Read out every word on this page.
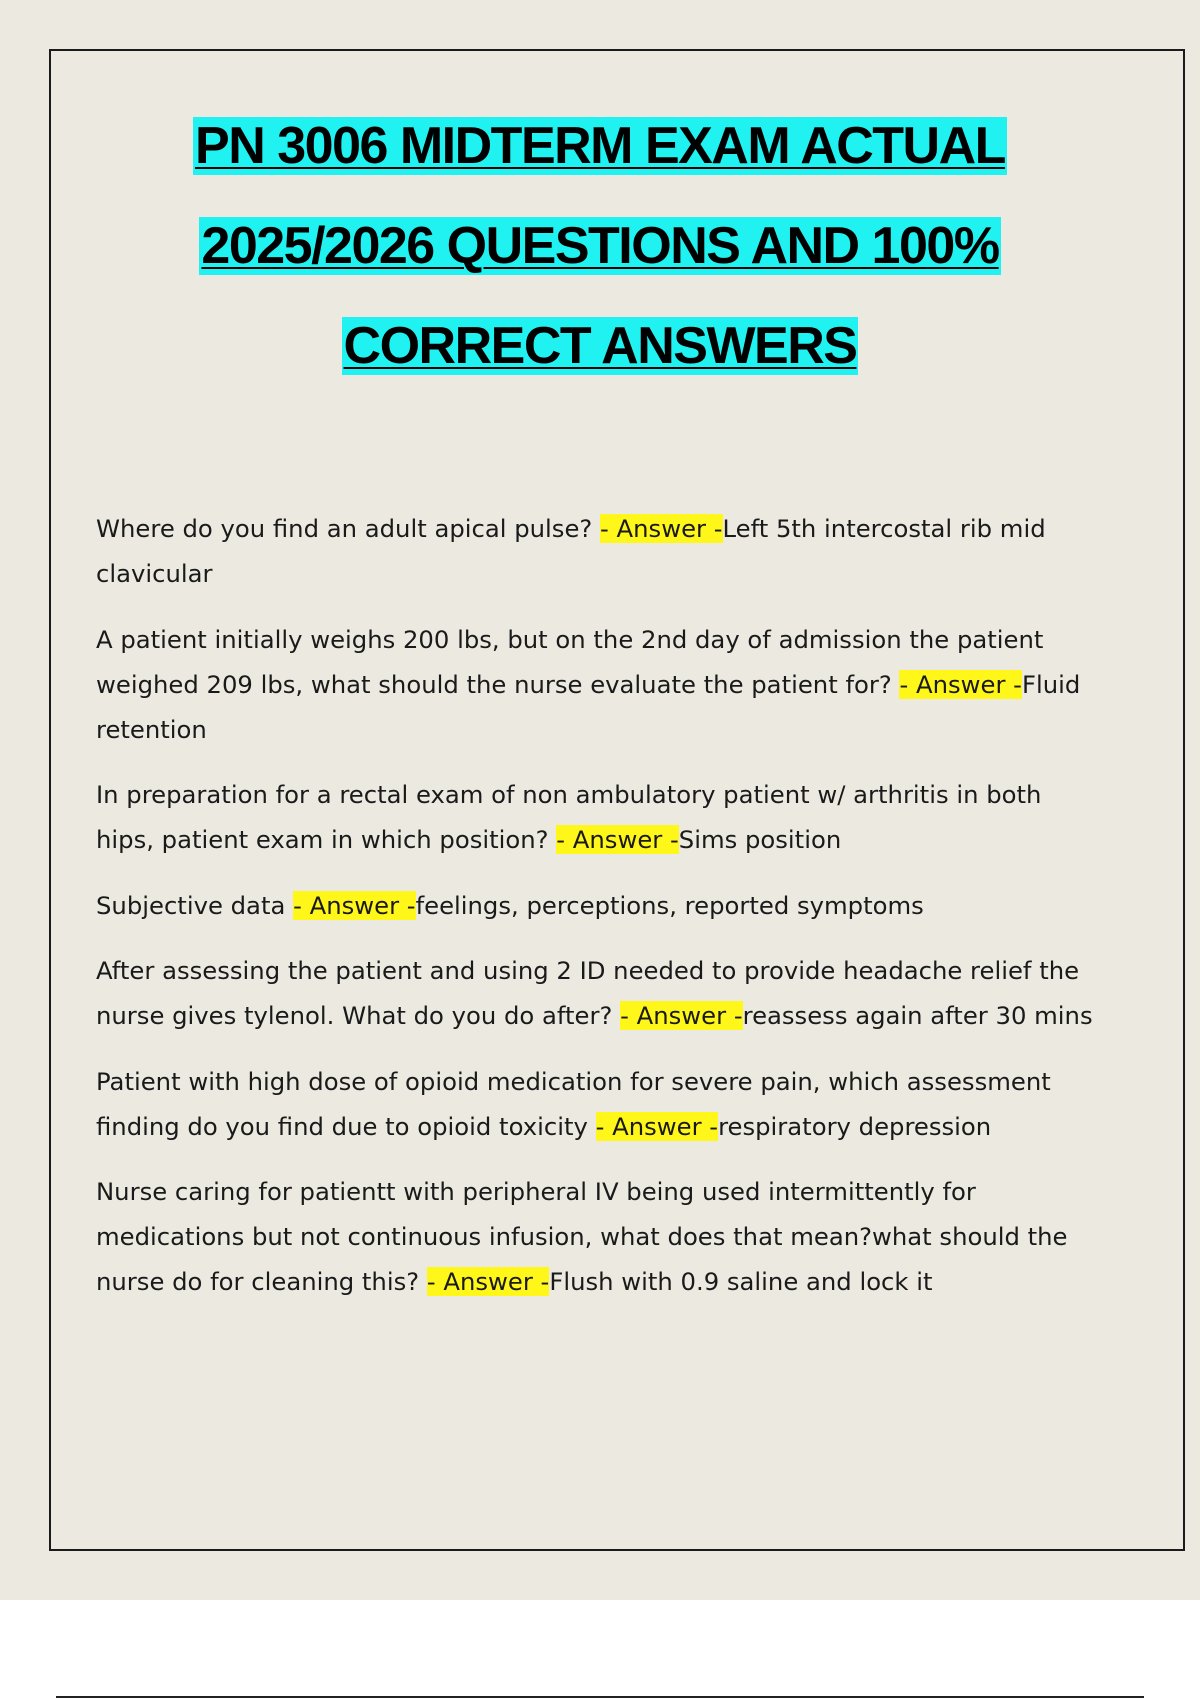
PN 3006 MIDTERM EXAM ACTUAL
2025/2026 QUESTIONS AND 100%
CORRECT ANSWERS
Where do you find an adult apical pulse? - Answer -Left 5th intercostal rib mid clavicular
A patient initially weighs 200 lbs, but on the 2nd day of admission the patient weighed 209 lbs, what should the nurse evaluate the patient for? - Answer -Fluid retention
In preparation for a rectal exam of non ambulatory patient w/ arthritis in both hips, patient exam in which position? - Answer -Sims position
Subjective data - Answer -feelings, perceptions, reported symptoms
After assessing the patient and using 2 ID needed to provide headache relief the nurse gives tylenol. What do you do after? - Answer -reassess again after 30 mins
Patient with high dose of opioid medication for severe pain, which assessment finding do you find due to opioid toxicity - Answer -respiratory depression
Nurse caring for patientt with peripheral IV being used intermittently for medications but not continuous infusion, what does that mean?what should the nurse do for cleaning this? - Answer -Flush with 0.9 saline and lock it
